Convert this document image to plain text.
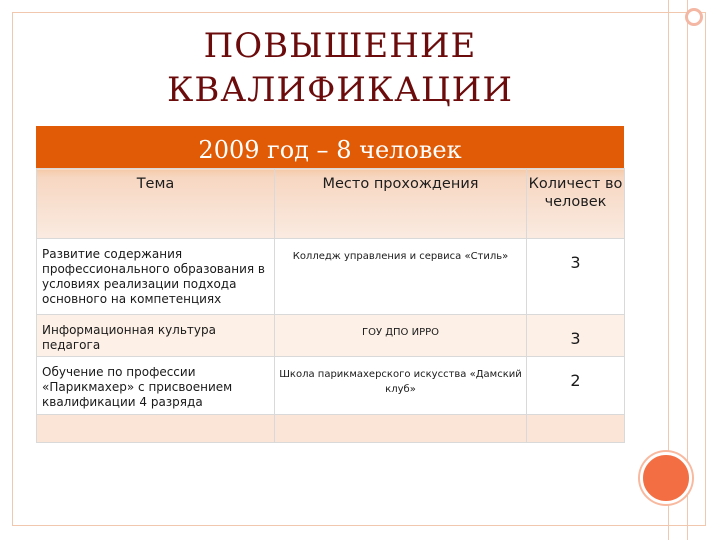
ПОВЫШЕНИЕ
КВАЛИФИКАЦИИ
2009 год – 8 человек
Тема	Место прохождения	Количест во человек
Развитие содержания профессионального образования в условиях реализации подхода основного на компетенциях	Колледж управления и сервиса «Стиль»	3
Информационная культура педагога	ГОУ ДПО ИРРО	3
Обучение по профессии «Парикмахер» с присвоением квалификации 4 разряда	Школа парикмахерского искусства «Дамский клуб»	2
